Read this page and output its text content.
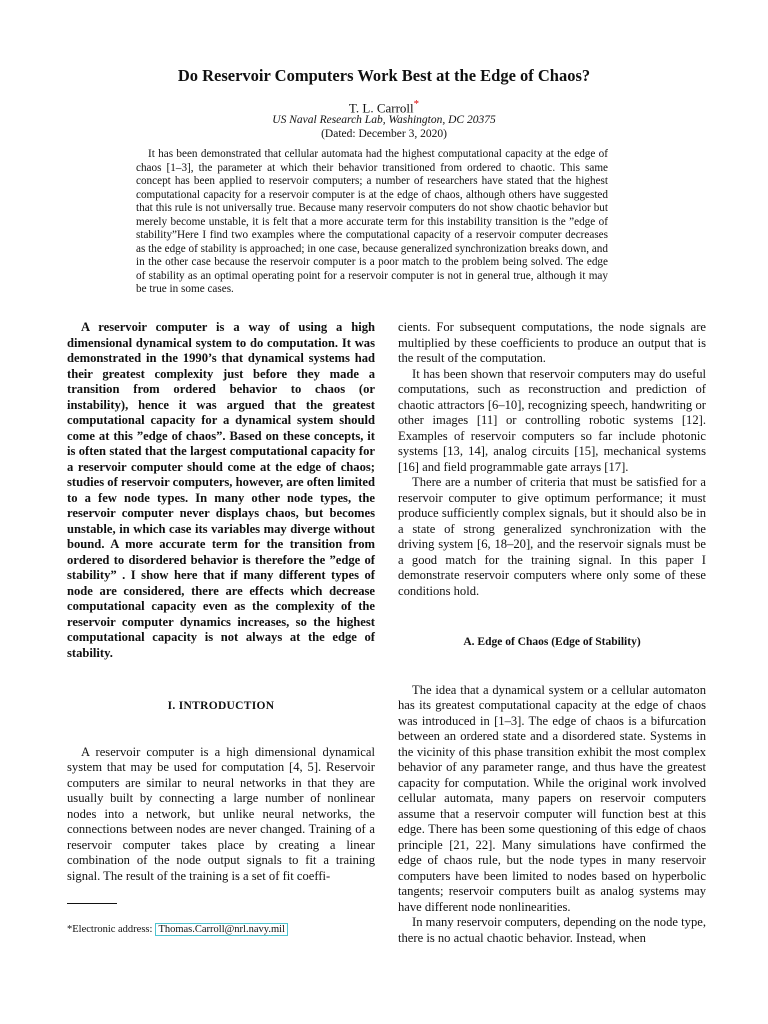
Do Reservoir Computers Work Best at the Edge of Chaos?
T. L. Carroll*
US Naval Research Lab, Washington, DC 20375
(Dated: December 3, 2020)

It has been demonstrated that cellular automata had the highest computational capacity at the edge of chaos [1–3], the parameter at which their behavior transitioned from ordered to chaotic. This same concept has been applied to reservoir computers; a number of researchers have stated that the highest computational capacity for a reservoir computer is at the edge of chaos, although others have suggested that this rule is not universally true. Because many reservoir computers do not show chaotic behavior but merely become unstable, it is felt that a more accurate term for this instability transition is the ”edge of stability”Here I find two examples where the computational capacity of a reservoir computer decreases as the edge of stability is approached; in one case, because generalized synchronization breaks down, and in the other case because the reservoir computer is a poor match to the problem being solved. The edge of stability as an optimal operating point for a reservoir computer is not in general true, although it may be true in some cases.

A reservoir computer is a way of using a high dimensional dynamical system to do computation. It was demonstrated in the 1990’s that dynamical systems had their greatest complexity just before they made a transition from ordered behavior to chaos (or instability), hence it was argued that the greatest computational capacity for a dynamical system should come at this ”edge of chaos”. Based on these concepts, it is often stated that the largest computational capacity for a reservoir computer should come at the edge of chaos; studies of reservoir computers, however, are often limited to a few node types. In many other node types, the reservoir computer never displays chaos, but becomes unstable, in which case its variables may diverge without bound. A more accurate term for the transition from ordered to disordered behavior is therefore the ”edge of stability” . I show here that if many different types of node are considered, there are effects which decrease computational capacity even as the complexity of the reservoir computer dynamics increases, so the highest computational capacity is not always at the edge of stability.

I. INTRODUCTION

A reservoir computer is a high dimensional dynamical system that may be used for computation [4, 5]. Reservoir computers are similar to neural networks in that they are usually built by connecting a large number of nonlinear nodes into a network, but unlike neural networks, the connections between nodes are never changed. Training of a reservoir computer takes place by creating a linear combination of the node output signals to fit a training signal. The result of the training is a set of fit coeffi-

cients. For subsequent computations, the node signals are multiplied by these coefficients to produce an output that is the result of the computation.

It has been shown that reservoir computers may do useful computations, such as reconstruction and prediction of chaotic attractors [6–10], recognizing speech, handwriting or other images [11] or controlling robotic systems [12]. Examples of reservoir computers so far include photonic systems [13, 14], analog circuits [15], mechanical systems [16] and field programmable gate arrays [17].

There are a number of criteria that must be satisfied for a reservoir computer to give optimum performance; it must produce sufficiently complex signals, but it should also be in a state of strong generalized synchronization with the driving system [6, 18–20], and the reservoir signals must be a good match for the training signal. In this paper I demonstrate reservoir computers where only some of these conditions hold.

A. Edge of Chaos (Edge of Stability)

The idea that a dynamical system or a cellular automaton has its greatest computational capacity at the edge of chaos was introduced in [1–3]. The edge of chaos is a bifurcation between an ordered state and a disordered state. Systems in the vicinity of this phase transition exhibit the most complex behavior of any parameter range, and thus have the greatest capacity for computation. While the original work involved cellular automata, many papers on reservoir computers assume that a reservoir computer will function best at this edge. There has been some questioning of this edge of chaos principle [21, 22]. Many simulations have confirmed the edge of chaos rule, but the node types in many reservoir computers have been limited to nodes based on hyperbolic tangents; reservoir computers built as analog systems may have different node nonlinearities.

In many reservoir computers, depending on the node type, there is no actual chaotic behavior. Instead, when

*Electronic address: Thomas.Carroll@nrl.navy.mil
